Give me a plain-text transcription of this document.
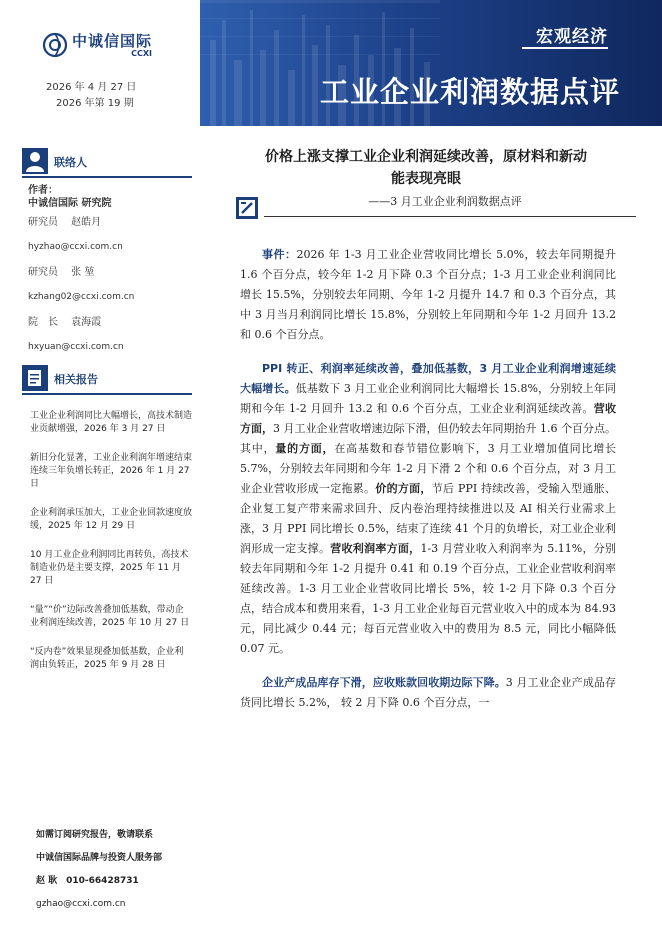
中诚信国际
CCXI
2026 年 4 月 27 日
2026 年第 19 期
宏观经济
工业企业利润数据点评
联络人
作者：
中诚信国际 研究院
研究员　 赵皓月
hyzhao@ccxi.com.cn
研究员　 张 堃
kzhang02@ccxi.com.cn
院　长　 袁海霞
hxyuan@ccxi.com.cn
相关报告
工业企业利润同比大幅增长，高技术制造业贡献增强，2026 年 3 月 27 日
新旧分化显著，工业企业利润年增速结束连续三年负增长转正，2026 年 1 月 27 日
企业利润承压加大，工业企业回款速度放缓，2025 年 12 月 29 日
10 月工业企业利润同比再转负，高技术制造业仍是主要支撑，2025 年 11 月 27 日
“量”“价”边际改善叠加低基数，带动企业利润连续改善，2025 年 10 月 27 日
“反内卷”效果显现叠加低基数，企业利润由负转正，2025 年 9 月 28 日
如需订阅研究报告，敬请联系
中诚信国际品牌与投资人服务部
赵 耿　010-66428731
gzhao@ccxi.com.cn
价格上涨支撑工业企业利润延续改善，原材料和新动
能表现亮眼
——3 月工业企业利润数据点评

事件：2026 年 1-3 月工业企业营收同比增长 5.0%，较去年同期提升 1.6 个百分点，较今年 1-2 月下降 0.3 个百分点；1-3 月工业企业利润同比增长 15.5%，分别较去年同期、今年 1-2 月提升 14.7 和 0.3 个百分点，其中 3 月当月利润同比增长 15.8%，分别较上年同期和今年 1-2 月回升 13.2 和 0.6 个百分点。

PPI 转正、利润率延续改善，叠加低基数，3 月工业企业利润增速延续大幅增长。低基数下 3 月工业企业利润同比大幅增长 15.8%，分别较上年同期和今年 1-2 月回升 13.2 和 0.6 个百分点，工业企业利润延续改善。营收方面，3 月工业企业营收增速边际下滑，但仍较去年同期抬升 1.6 个百分点。其中，量的方面，在高基数和春节错位影响下，3 月工业增加值同比增长 5.7%，分别较去年同期和今年 1-2 月下滑 2 个和 0.6 个百分点，对 3 月工业企业营收形成一定拖累。价的方面，节后 PPI 持续改善，受输入型通胀、企业复工复产带来需求回升、反内卷治理持续推进以及 AI 相关行业需求上涨，3 月 PPI 同比增长 0.5%，结束了连续 41 个月的负增长，对工业企业利润形成一定支撑。营收利润率方面，1-3 月营业收入利润率为 5.11%，分别较去年同期和今年 1-2 月提升 0.41 和 0.19 个百分点，工业企业营收利润率延续改善。1-3 月工业企业营收同比增长 5%，较 1-2 月下降 0.3 个百分点，结合成本和费用来看，1-3 月工业企业每百元营业收入中的成本为 84.93 元，同比减少 0.44 元；每百元营业收入中的费用为 8.5 元，同比小幅降低 0.07 元。

企业产成品库存下滑，应收账款回收期边际下降。3 月工业企业产成品存货同比增长 5.2%， 较 2 月下降 0.6 个百分点，一
